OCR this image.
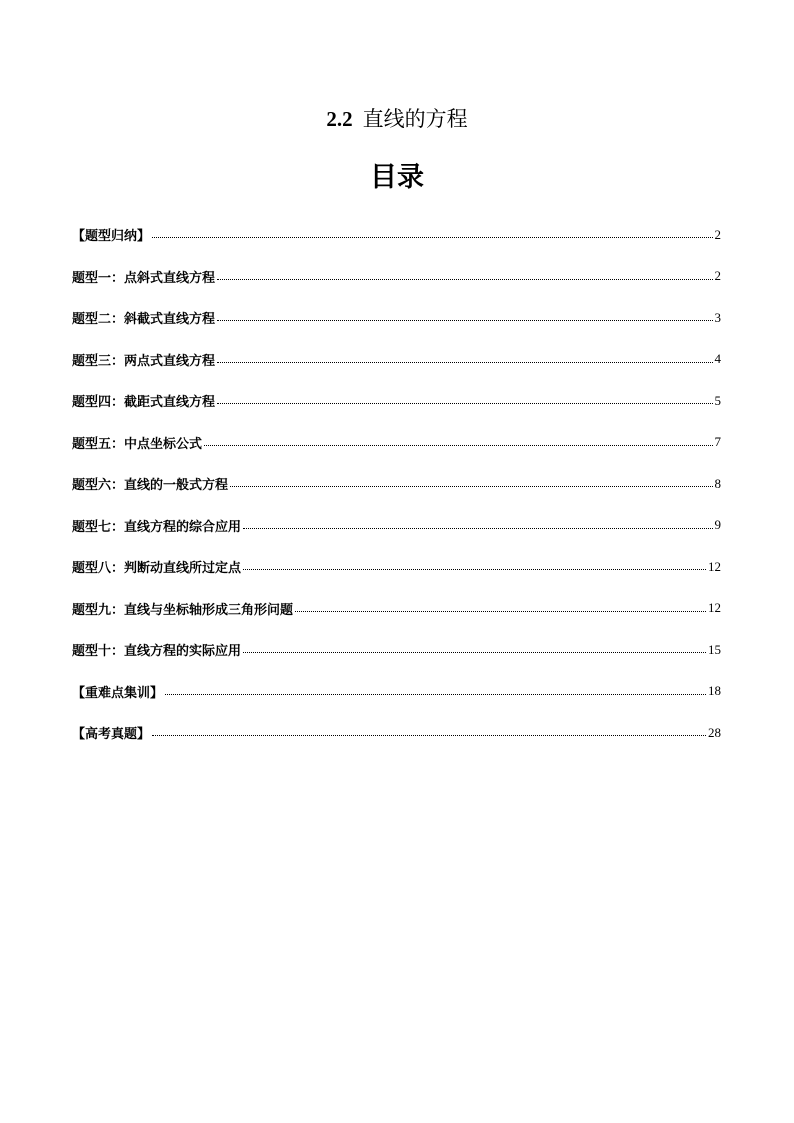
2.2 直线的方程
目录
【题型归纳】	2
题型一：点斜式直线方程	2
题型二：斜截式直线方程	3
题型三：两点式直线方程	4
题型四：截距式直线方程	5
题型五：中点坐标公式	7
题型六：直线的一般式方程	8
题型七：直线方程的综合应用	9
题型八：判断动直线所过定点	12
题型九：直线与坐标轴形成三角形问题	12
题型十：直线方程的实际应用	15
【重难点集训】	18
【高考真题】	28
